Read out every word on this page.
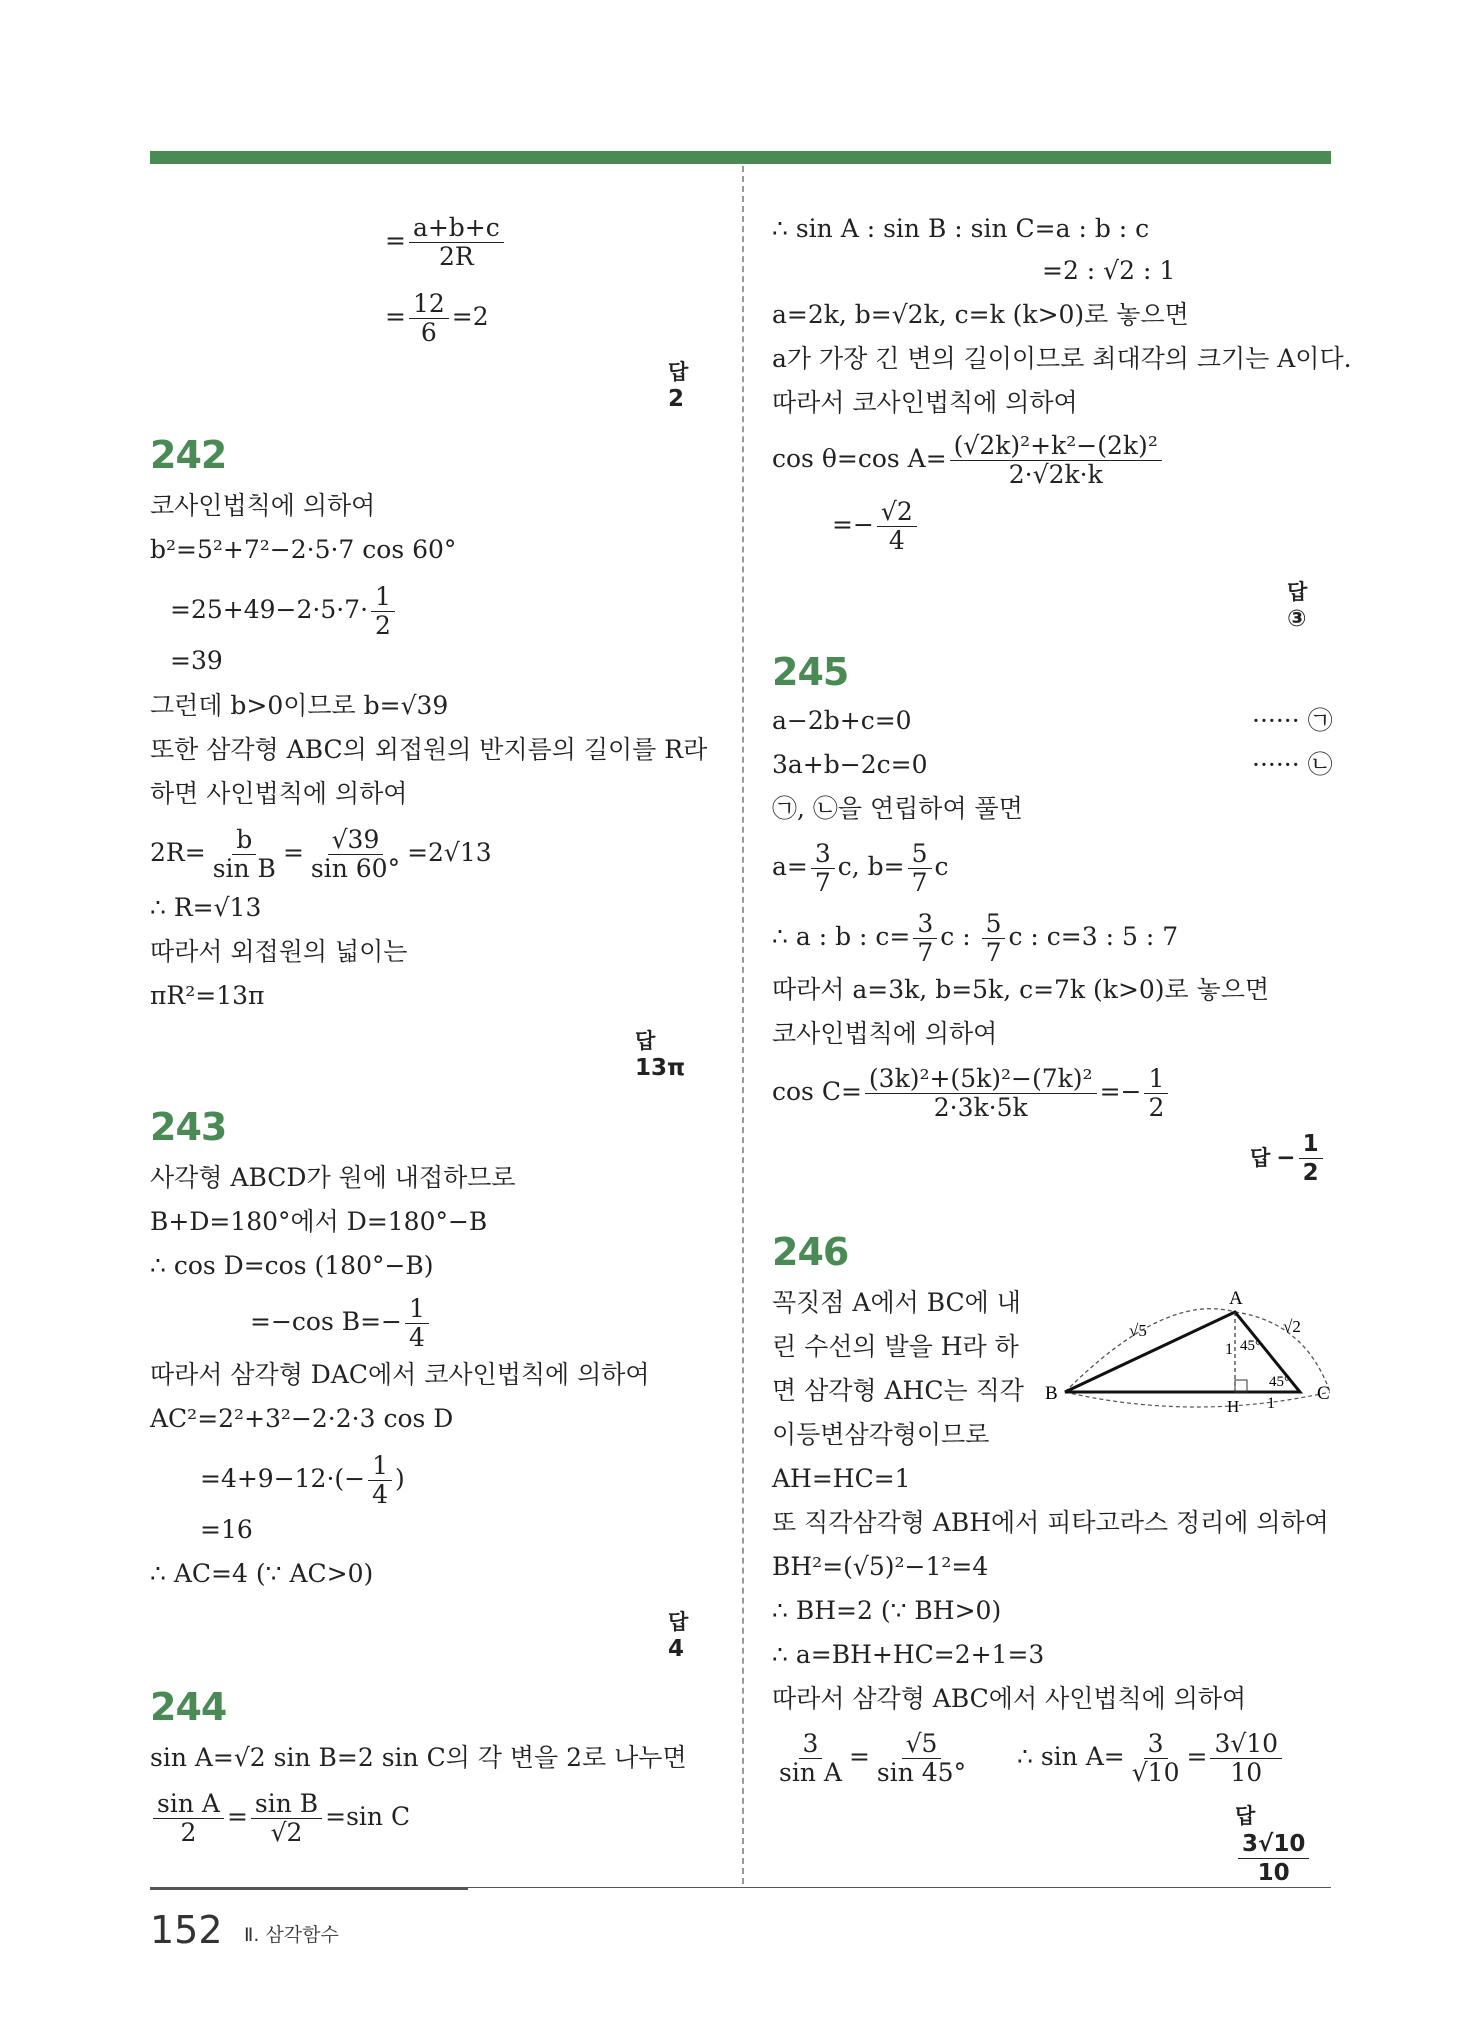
= $\frac{a+b+c}{2R}$
= $\frac{12}{6} =2$
답2
242
코사인법칙에 의하여
b²=5²+7²−2·5·7 cos 60°
$=25+49-2\cdot 5\cdot 7\cdot \frac{1}{2}$
=39
그런데 b>0이므로 b=√39
또한 삼각형 ABC의 외접원의 반지름의 길이를 R라
하면 사인법칙에 의하여
$2R= \frac{b}{\text{sin B}} = \frac{√39}{\sin 60^\circ} =2√13$
∴ R=√13
따라서 외접원의 넓이는
πR²=13π
답13π
243
사각형 ABCD가 원에 내접하므로
B+D=180°에서 D=180°−B
∴ cos D=cos (180°−B)
=−cos $B=- \frac{1}{4}$
따라서 삼각형 DAC에서 코사인법칙에 의하여
AC²=2²+3²−2·2·3 cos D
$=4+9-12\cdot(- \frac{1}{4}$ )
=16
∴ AC=4 (∵ AC>0)
답4
244
sin A=√2 sin B=2 sin C의 각 변을 2로 나누면
$\frac{\text{sin A}}{2} = \frac{\text{sin B}}{√2} =\sin$ C
∴ sin A : sin B : sin C=a : b : c
=2 : √2 : 1
a=2k, b=√2k, c=k (k>0)로 놓으면
a가 가장 긴 변의 길이이므로 최대각의 크기는 A이다.
따라서 코사인법칙에 의하여
cos θ=cos $A= \frac{\text{(√2k)²+k²−(2k)²}}{2\cdot√2k\cdot k}$
=− $\frac{√2}{4}$
답③
245
a−2b+c=0	······ ㉠
3a+b−2c=0	······ ㉡
㉠, ㉡을 연립하여 풀면
$a= \frac{3}{7} c$, $b= \frac{5}{7}$ c
∴ a : b : $c= \frac{3}{7}$ c : $\frac{5}{7}$ c : c=3 : 5 : 7
따라서 a=3k, b=5k, c=7k (k>0)로 놓으면
코사인법칙에 의하여
$\cos C= \frac{\text{(3k)²+(5k)²−(7k)²}}{2\cdot 3k\cdot 5k} =- \frac{1}{2}$
답 − $\frac{1}{2}$
246
꼭짓점 A에서 BC에 내
린 수선의 발을 H라 하
면 삼각형 AHC는 직각
이등변삼각형이므로
AH=HC=1
또 직각삼각형 ABH에서 피타고라스 정리에 의하여
BH²=(√5)²−1²=4
∴ BH=2 (∵ BH>0)
∴ a=BH+HC=2+1=3
따라서 삼각형 ABC에서 사인법칙에 의하여
$\frac{3}{\text{sin A}} = \frac{√5}{\sin 45^\circ}$ ∴ $\sin A= \frac{3}{√10} = \frac{3√10}{10}$
답
$\frac{3√10}{10}$
A
B	C
H
√5	√2
1
1
45°
45°
152 Ⅱ. 삼각함수
